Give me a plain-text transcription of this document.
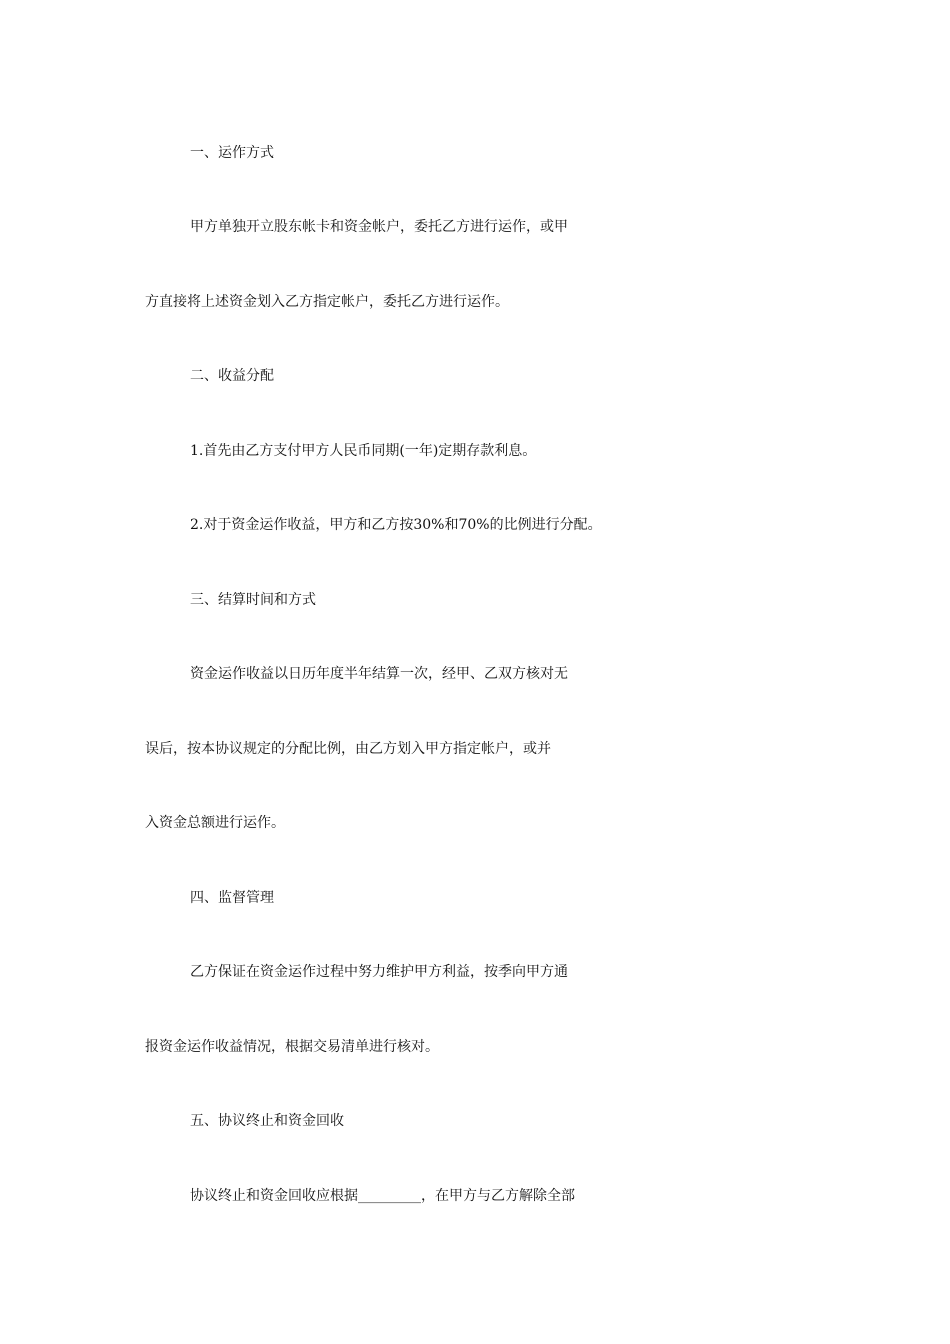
一、运作方式
甲方单独开立股东帐卡和资金帐户，委托乙方进行运作，或甲
方直接将上述资金划入乙方指定帐户，委托乙方进行运作。
二、收益分配
1.首先由乙方支付甲方人民币同期(一年)定期存款利息。
2.对于资金运作收益，甲方和乙方按30%和70%的比例进行分配。
三、结算时间和方式
资金运作收益以日历年度半年结算一次，经甲、乙双方核对无
误后，按本协议规定的分配比例，由乙方划入甲方指定帐户，或并
入资金总额进行运作。
四、监督管理
乙方保证在资金运作过程中努力维护甲方利益，按季向甲方通
报资金运作收益情况，根据交易清单进行核对。
五、协议终止和资金回收
协议终止和资金回收应根据_________，在甲方与乙方解除全部
